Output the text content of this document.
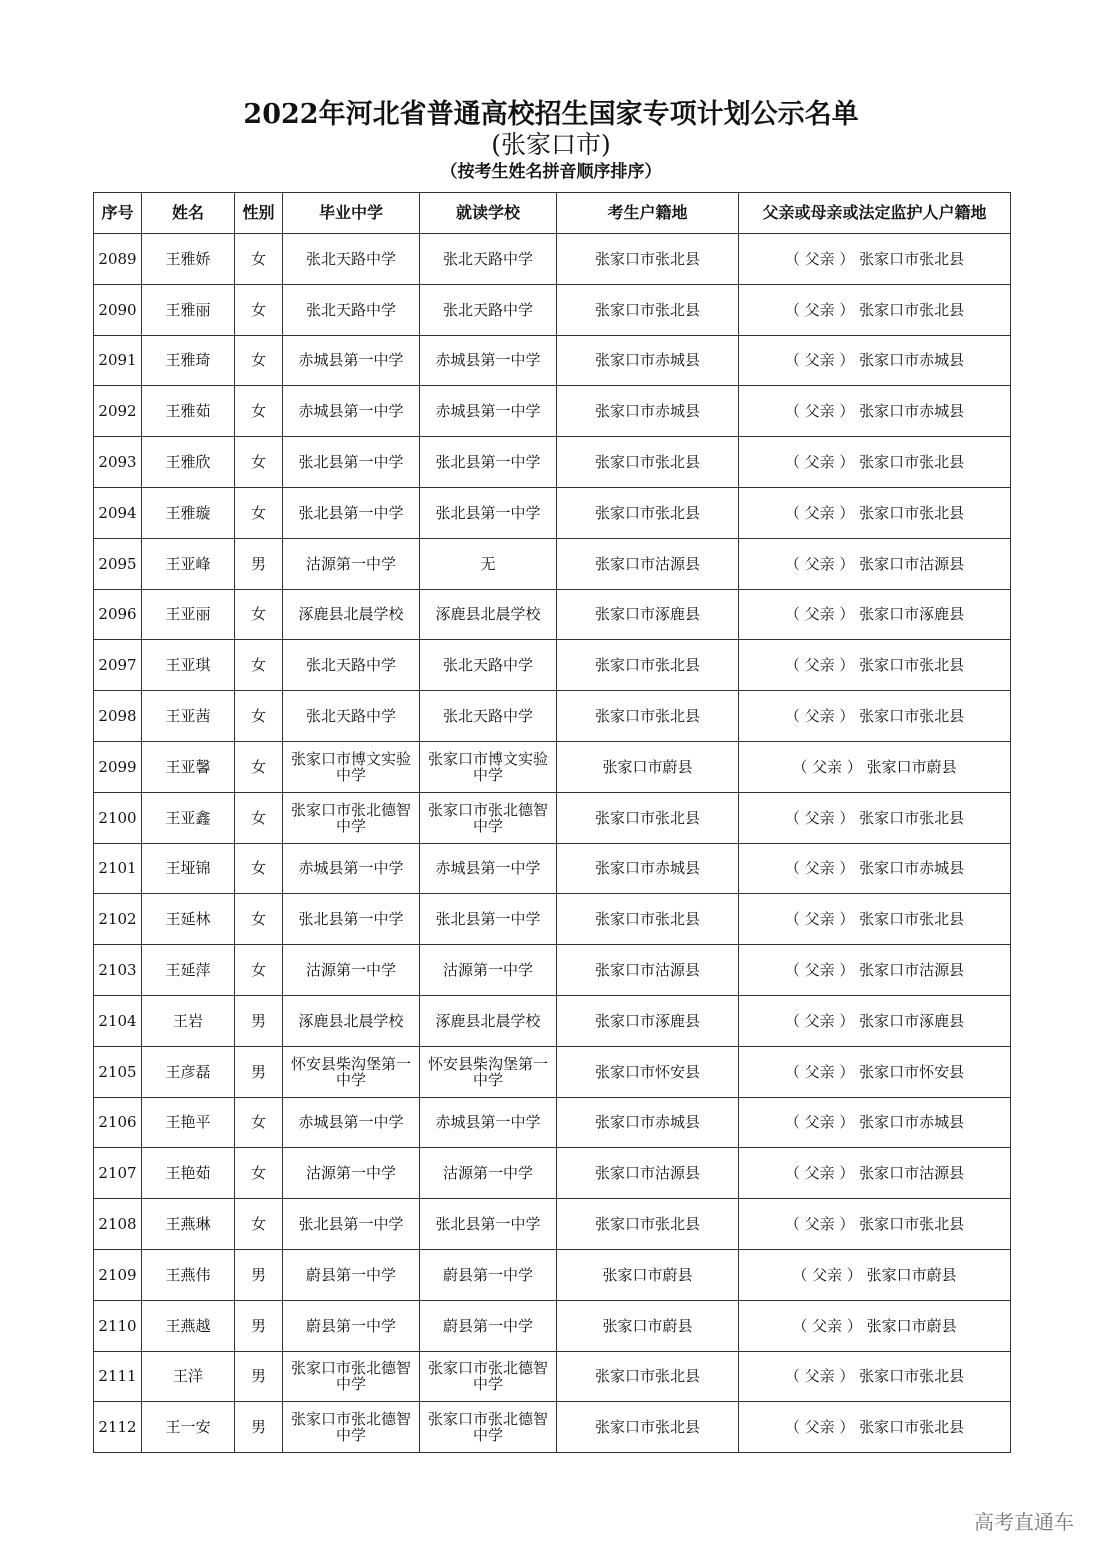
2022年河北省普通高校招生国家专项计划公示名单
(张家口市)
（按考生姓名拼音顺序排序）
序号	姓名	性别	毕业中学	就读学校	考生户籍地	父亲或母亲或法定监护人户籍地
2089	王雅娇	女	张北天路中学	张北天路中学	张家口市张北县	（ 父亲 ） 张家口市张北县
2090	王雅丽	女	张北天路中学	张北天路中学	张家口市张北县	（ 父亲 ） 张家口市张北县
2091	王雅琦	女	赤城县第一中学	赤城县第一中学	张家口市赤城县	（ 父亲 ） 张家口市赤城县
2092	王雅茹	女	赤城县第一中学	赤城县第一中学	张家口市赤城县	（ 父亲 ） 张家口市赤城县
2093	王雅欣	女	张北县第一中学	张北县第一中学	张家口市张北县	（ 父亲 ） 张家口市张北县
2094	王雅璇	女	张北县第一中学	张北县第一中学	张家口市张北县	（ 父亲 ） 张家口市张北县
2095	王亚峰	男	沽源第一中学	无	张家口市沽源县	（ 父亲 ） 张家口市沽源县
2096	王亚丽	女	涿鹿县北晨学校	涿鹿县北晨学校	张家口市涿鹿县	（ 父亲 ） 张家口市涿鹿县
2097	王亚琪	女	张北天路中学	张北天路中学	张家口市张北县	（ 父亲 ） 张家口市张北县
2098	王亚茜	女	张北天路中学	张北天路中学	张家口市张北县	（ 父亲 ） 张家口市张北县
2099	王亚馨	女	张家口市博文实验中学	张家口市博文实验中学	张家口市蔚县	（ 父亲 ） 张家口市蔚县
2100	王亚鑫	女	张家口市张北德智中学	张家口市张北德智中学	张家口市张北县	（ 父亲 ） 张家口市张北县
2101	王垭锦	女	赤城县第一中学	赤城县第一中学	张家口市赤城县	（ 父亲 ） 张家口市赤城县
2102	王延林	女	张北县第一中学	张北县第一中学	张家口市张北县	（ 父亲 ） 张家口市张北县
2103	王延萍	女	沽源第一中学	沽源第一中学	张家口市沽源县	（ 父亲 ） 张家口市沽源县
2104	王岩	男	涿鹿县北晨学校	涿鹿县北晨学校	张家口市涿鹿县	（ 父亲 ） 张家口市涿鹿县
2105	王彦磊	男	怀安县柴沟堡第一中学	怀安县柴沟堡第一中学	张家口市怀安县	（ 父亲 ） 张家口市怀安县
2106	王艳平	女	赤城县第一中学	赤城县第一中学	张家口市赤城县	（ 父亲 ） 张家口市赤城县
2107	王艳茹	女	沽源第一中学	沽源第一中学	张家口市沽源县	（ 父亲 ） 张家口市沽源县
2108	王燕琳	女	张北县第一中学	张北县第一中学	张家口市张北县	（ 父亲 ） 张家口市张北县
2109	王燕伟	男	蔚县第一中学	蔚县第一中学	张家口市蔚县	（ 父亲 ） 张家口市蔚县
2110	王燕越	男	蔚县第一中学	蔚县第一中学	张家口市蔚县	（ 父亲 ） 张家口市蔚县
2111	王洋	男	张家口市张北德智中学	张家口市张北德智中学	张家口市张北县	（ 父亲 ） 张家口市张北县
2112	王一安	男	张家口市张北德智中学	张家口市张北德智中学	张家口市张北县	（ 父亲 ） 张家口市张北县
高考直通车
